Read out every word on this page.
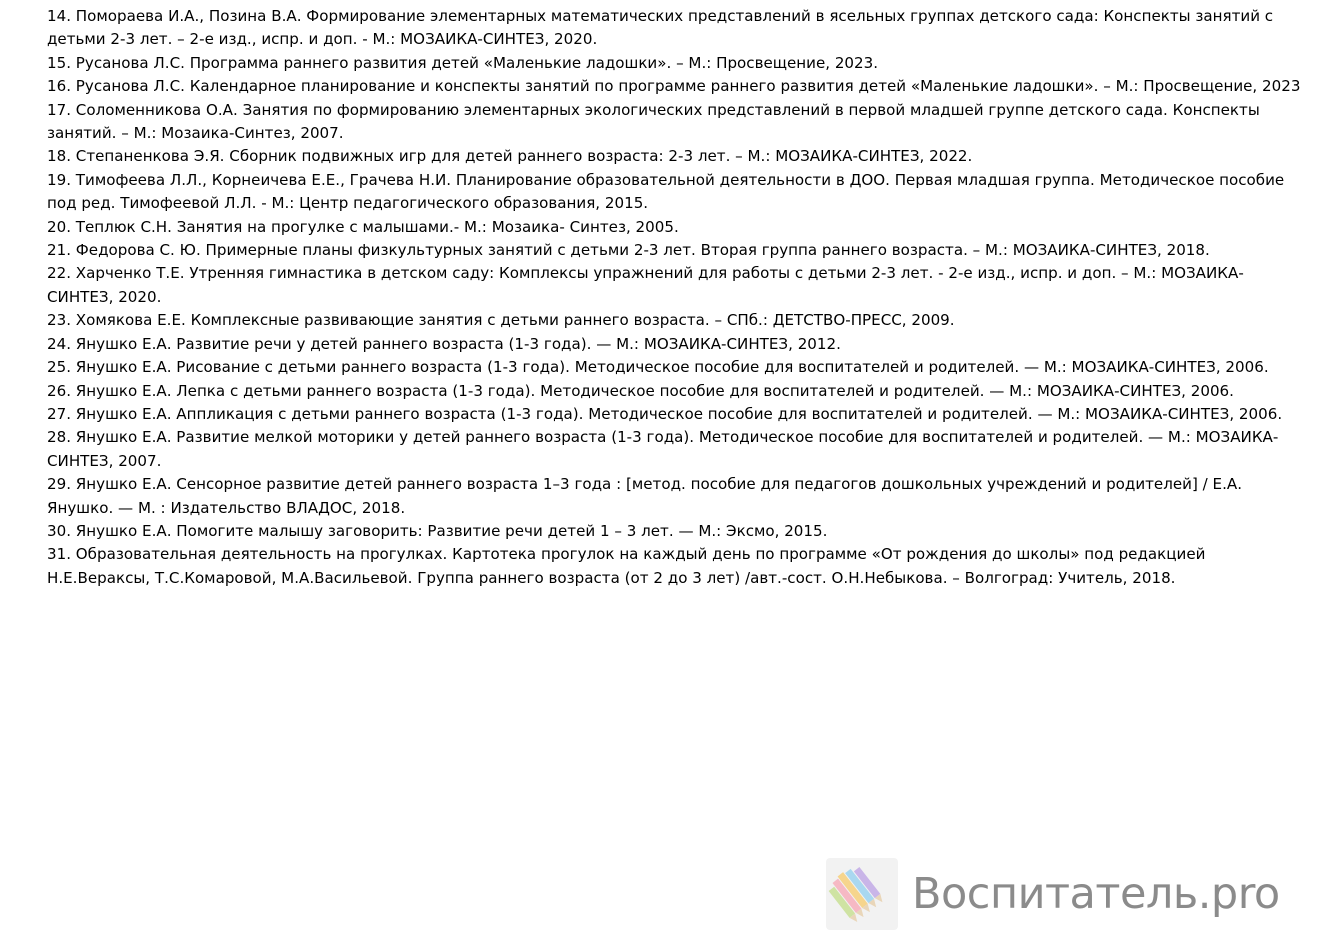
14. Помораева И.А., Позина В.А. Формирование элементарных математических представлений в ясельных группах детского сада: Конспекты занятий с детьми 2-3 лет. – 2-е изд., испр. и доп. - М.: МОЗАИКА-СИНТЕЗ, 2020.

15. Русанова Л.С. Программа раннего развития детей «Маленькие ладошки». – М.: Просвещение, 2023.

16. Русанова Л.С. Календарное планирование и конспекты занятий по программе раннего развития детей «Маленькие ладошки». – М.: Просвещение, 2023

17. Соломенникова О.А. Занятия по формированию элементарных экологических представлений в первой младшей группе детского сада. Конспекты занятий. – М.: Мозаика-Синтез, 2007.

18. Степаненкова Э.Я. Сборник подвижных игр для детей раннего возраста: 2-3 лет. – М.: МОЗАИКА-СИНТЕЗ, 2022.

19. Тимофеева Л.Л., Корнеичева Е.Е., Грачева Н.И. Планирование образовательной деятельности в ДОО. Первая младшая группа. Методическое пособие под ред. Тимофеевой Л.Л. - М.: Центр педагогического образования, 2015.

20. Теплюк С.Н. Занятия на прогулке с малышами.- М.: Мозаика- Синтез, 2005.

21. Федорова С. Ю. Примерные планы физкультурных занятий с детьми 2-3 лет. Вторая группа раннего возраста. – М.: МОЗАИКА-СИНТЕЗ, 2018.

22. Харченко Т.Е. Утренняя гимнастика в детском саду: Комплексы упражнений для работы с детьми 2-3 лет. - 2-е изд., испр. и доп. – М.: МОЗАИКА-СИНТЕЗ, 2020.

23. Хомякова Е.Е. Комплексные развивающие занятия с детьми раннего возраста. – СПб.: ДЕТСТВО-ПРЕСС, 2009.

24. Янушко Е.А. Развитие речи у детей раннего возраста (1-3 года). — М.: МОЗАИКА-СИНТЕЗ, 2012.

25. Янушко Е.А. Рисование с детьми раннего возраста (1-3 года). Методическое пособие для воспитателей и родителей. — М.: МОЗАИКА-СИНТЕЗ, 2006.

26. Янушко Е.А. Лепка с детьми раннего возраста (1-3 года). Методическое пособие для воспитателей и родителей. — М.: МОЗАИКА-СИНТЕЗ, 2006.

27. Янушко Е.А. Аппликация с детьми раннего возраста (1-3 года). Методическое пособие для воспитателей и родителей. — М.: МОЗАИКА-СИНТЕЗ, 2006.

28. Янушко Е.А. Развитие мелкой моторики у детей раннего возраста (1-3 года). Методическое пособие для воспитателей и родителей. — М.: МОЗАИКА-СИНТЕЗ, 2007.

29. Янушко Е.А. Сенсорное развитие детей раннего возраста 1–3 года : [метод. пособие для педагогов дошкольных учреждений и родителей] / Е.А. Янушко. — М. : Издательство ВЛАДОС, 2018.

30. Янушко Е.А. Помогите малышу заговорить: Развитие речи детей 1 – 3 лет. — М.: Эксмо, 2015.

31. Образовательная деятельность на прогулках. Картотека прогулок на каждый день по программе «От рождения до школы» под редакцией Н.Е.Вераксы, Т.С.Комаровой, М.А.Васильевой. Группа раннего возраста (от 2 до 3 лет) /авт.-сост. О.Н.Небыкова. – Волгоград: Учитель, 2018.

Воспитатель.pro
